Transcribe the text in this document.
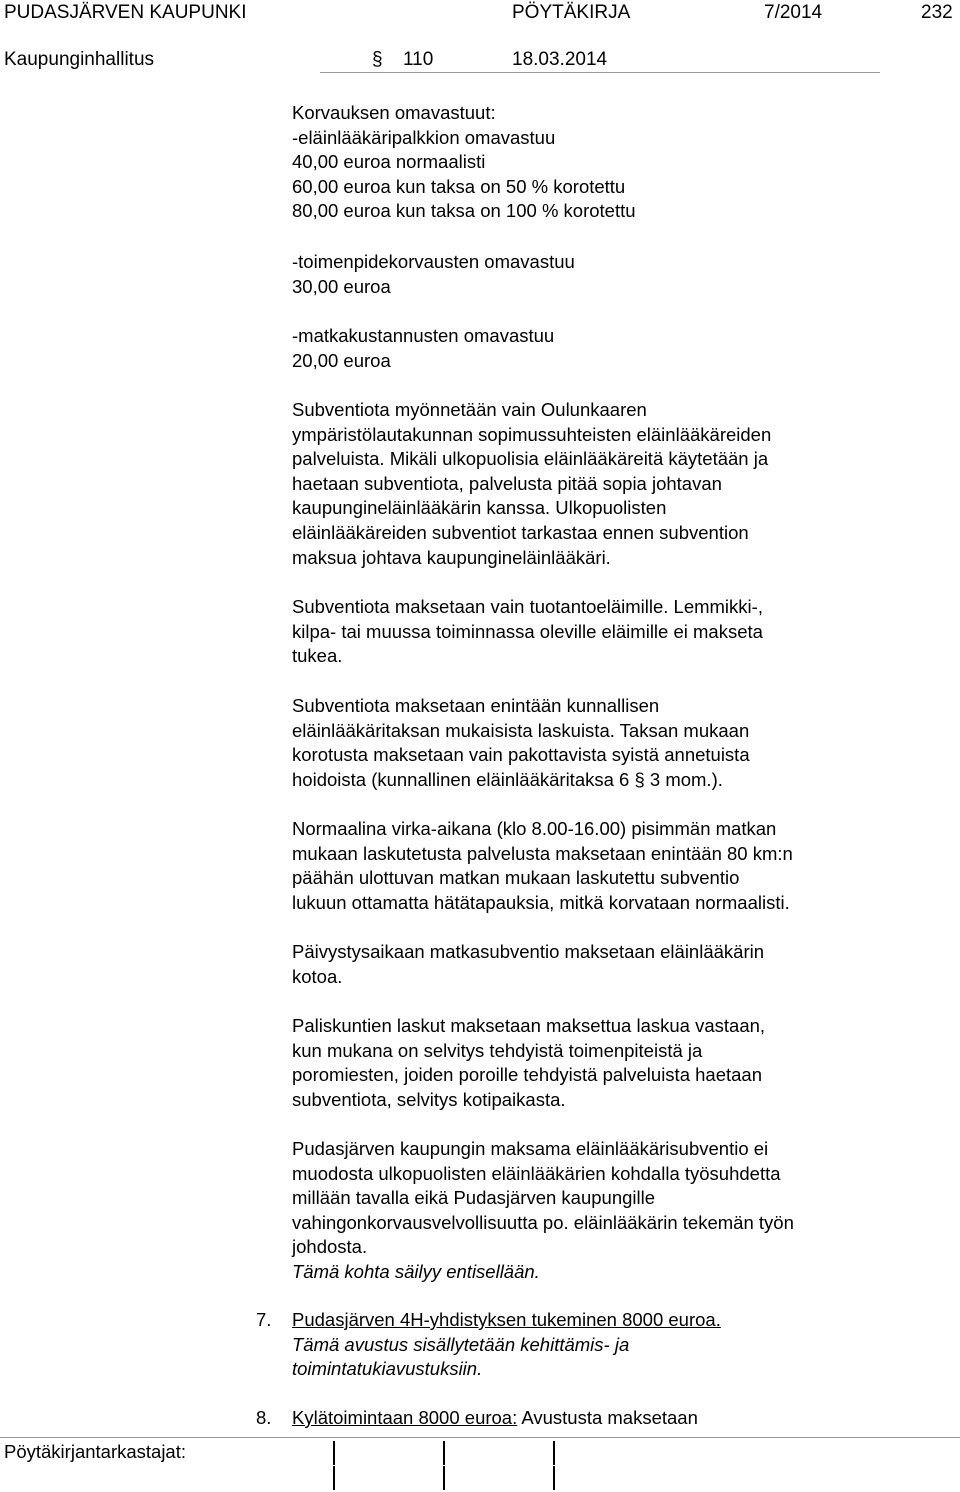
PUDASJÄRVEN KAUPUNKI	PÖYTÄKIRJA	7/2014	232
Kaupunginhallitus	§ 110	18.03.2014
Korvauksen omavastuut:
-eläinlääkäripalkkion omavastuu
40,00 euroa normaalisti
60,00 euroa kun taksa on 50 % korotettu
80,00 euroa kun taksa on 100 % korotettu
-toimenpidekorvausten omavastuu
30,00 euroa
-matkakustannusten omavastuu
20,00 euroa
Subventiota myönnetään vain Oulunkaaren
ympäristölautakunnan sopimussuhteisten eläinlääkäreiden
palveluista. Mikäli ulkopuolisia eläinlääkäreitä käytetään ja
haetaan subventiota, palvelusta pitää sopia johtavan
kaupungineläinlääkärin kanssa. Ulkopuolisten
eläinlääkäreiden subventiot tarkastaa ennen subvention
maksua johtava kaupungineläinlääkäri.
Subventiota maksetaan vain tuotantoeläimille. Lemmikki-,
kilpa- tai muussa toiminnassa oleville eläimille ei makseta
tukea.
Subventiota maksetaan enintään kunnallisen
eläinlääkäritaksan mukaisista laskuista. Taksan mukaan
korotusta maksetaan vain pakottavista syistä annetuista
hoidoista (kunnallinen eläinlääkäritaksa 6 § 3 mom.).
Normaalina virka-aikana (klo 8.00-16.00) pisimmän matkan
mukaan laskutetusta palvelusta maksetaan enintään 80 km:n
päähän ulottuvan matkan mukaan laskutettu subventio
lukuun ottamatta hätätapauksia, mitkä korvataan normaalisti.
Päivystysaikaan matkasubventio maksetaan eläinlääkärin
kotoa.
Paliskuntien laskut maksetaan maksettua laskua vastaan,
kun mukana on selvitys tehdyistä toimenpiteistä ja
poromiesten, joiden poroille tehdyistä palveluista haetaan
subventiota, selvitys kotipaikasta.
Pudasjärven kaupungin maksama eläinlääkärisubventio ei
muodosta ulkopuolisten eläinlääkärien kohdalla työsuhdetta
millään tavalla eikä Pudasjärven kaupungille
vahingonkorvausvelvollisuutta po. eläinlääkärin tekemän työn
johdosta.
Tämä kohta säilyy entisellään.
7. Pudasjärven 4H-yhdistyksen tukeminen 8000 euroa.
Tämä avustus sisällytetään kehittämis- ja
toimintatukiavustuksiin.
8. Kylätoimintaan 8000 euroa: Avustusta maksetaan
Pöytäkirjantarkastajat:
